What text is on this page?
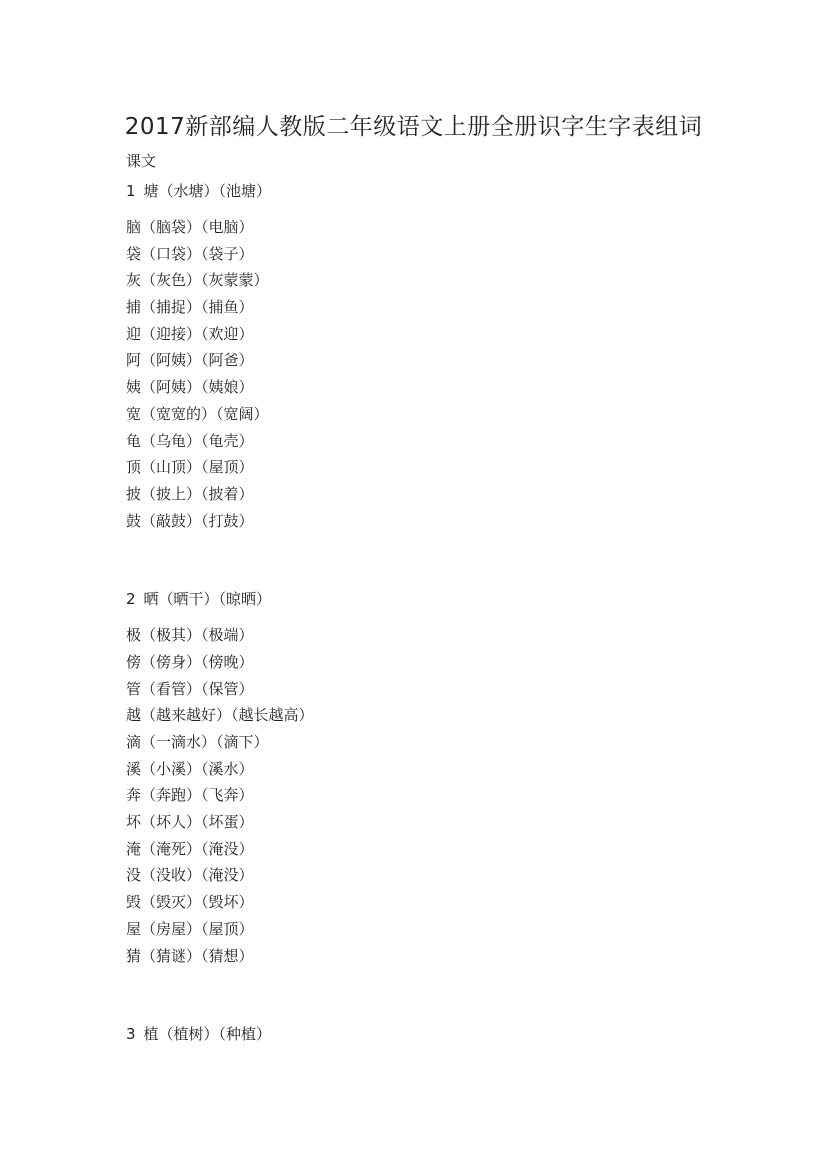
2017新部编人教版二年级语文上册全册识字生字表组词
课文
1 塘（水塘）（池塘）
脑（脑袋）（电脑）
袋（口袋）（袋子）
灰（灰色）（灰蒙蒙）
捕（捕捉）（捕鱼）
迎（迎接）（欢迎）
阿（阿姨）（阿爸）
姨（阿姨）（姨娘）
宽（宽宽的）（宽阔）
龟（乌龟）（龟壳）
顶（山顶）（屋顶）
披（披上）（披着）
鼓（敲鼓）（打鼓）
2 晒（晒干）（晾晒）
极（极其）（极端）
傍（傍身）（傍晚）
管（看管）（保管）
越（越来越好）（越长越高）
滴（一滴水）（滴下）
溪（小溪）（溪水）
奔（奔跑）（飞奔）
坏（坏人）（坏蛋）
淹（淹死）（淹没）
没（没收）（淹没）
毁（毁灭）（毁坏）
屋（房屋）（屋顶）
猜（猜谜）（猜想）
3 植（植树）（种植）
